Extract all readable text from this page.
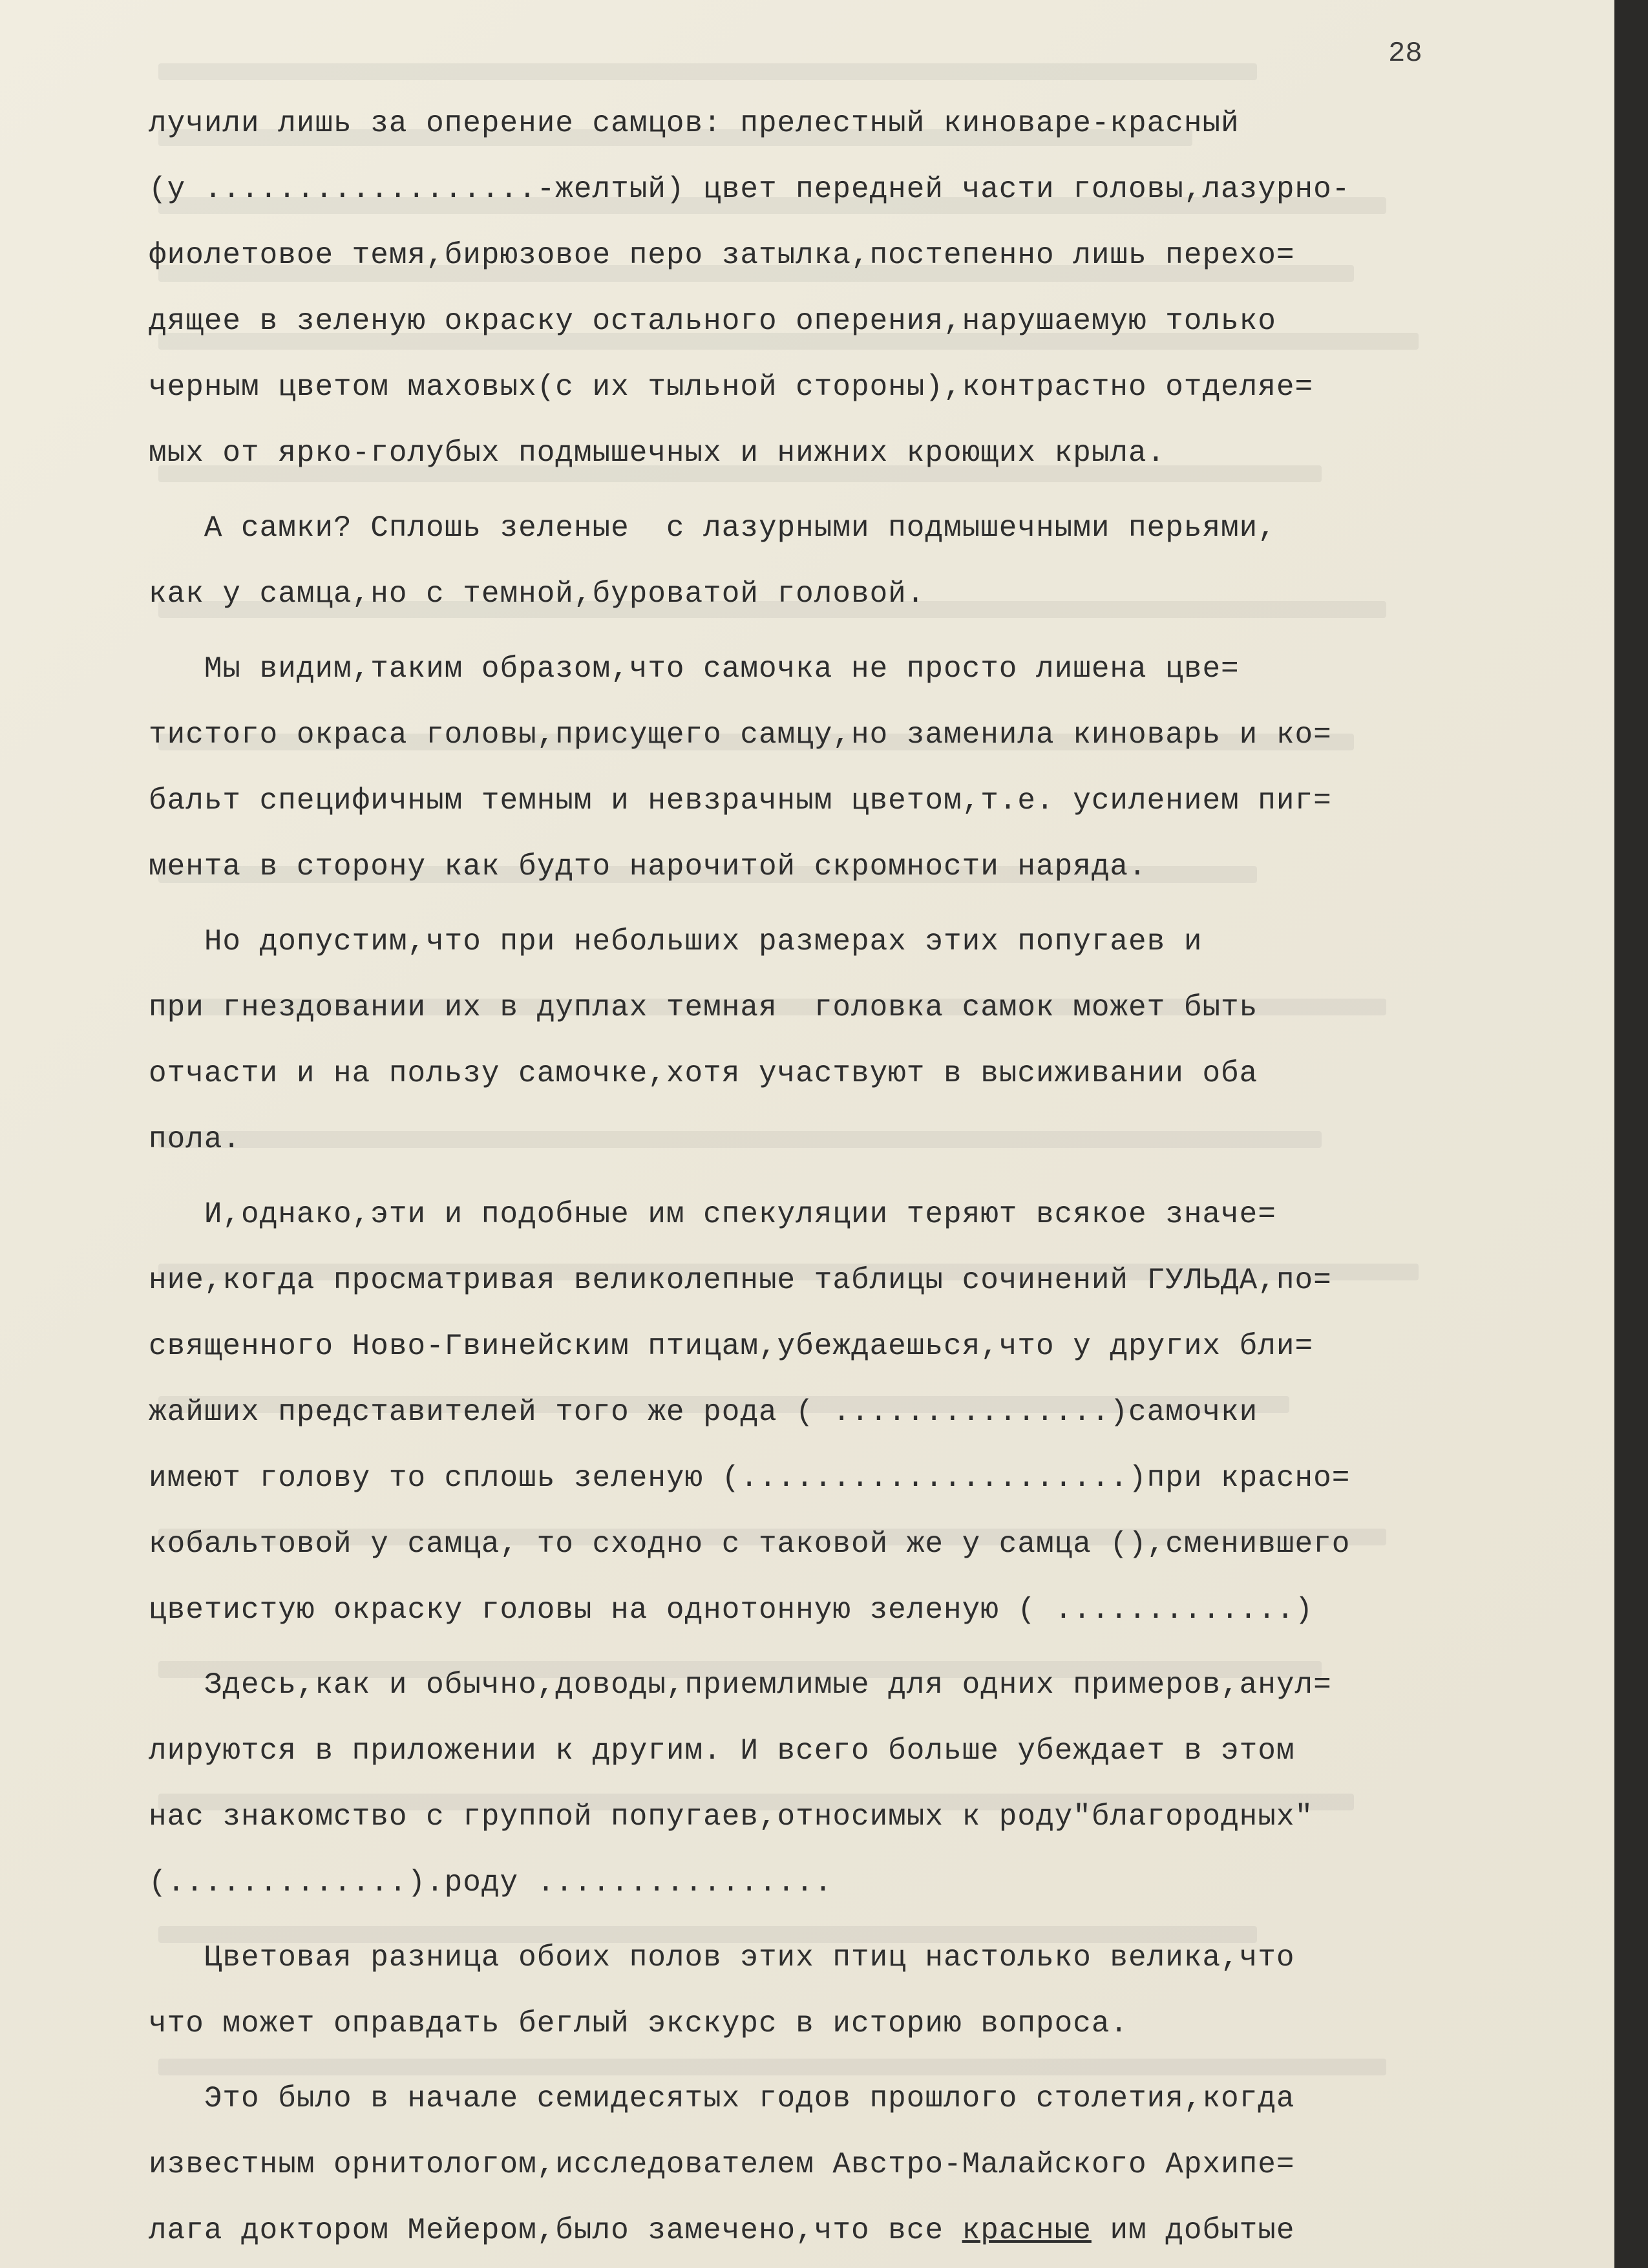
28
лучили лишь за оперение самцов: прелестный киноваре-красный
(у ..................-желтый) цвет передней части головы,лазурно-
фиолетовое темя,бирюзовое перо затылка,постепенно лишь перехо=
дящее в зеленую окраску остального оперения,нарушаемую только
черным цветом маховых(с их тыльной стороны),контрастно отделяе=
мых от ярко-голубых подмышечных и нижних кроющих крыла.
А самки? Сплошь зеленые  с лазурными подмышечными перьями,
как у самца,но с темной,буроватой головой.
Мы видим,таким образом,что самочка не просто лишена цве=
тистого окраса головы,присущего самцу,но заменила киноварь и ко=
бальт специфичным темным и невзрачным цветом,т.е. усилением пиг=
мента в сторону как будто нарочитой скромности наряда.
Но допустим,что при небольших размерах этих попугаев и
при гнездовании их в дуплах темная  головка самок может быть
отчасти и на пользу самочке,хотя участвуют в высиживании оба
пола.
И,однако,эти и подобные им спекуляции теряют всякое значе=
ние,когда просматривая великолепные таблицы сочинений ГУЛЬДА,по=
священного Ново-Гвинейским птицам,убеждаешься,что у других бли=
жайших представителей того же рода ( ...............)самочки
имеют голову то сплошь зеленую (.....................)при красно=
кобальтовой у самца, то сходно с таковой же у самца (),сменившего
цветистую окраску головы на однотонную зеленую ( .............)
Здесь,как и обычно,доводы,приемлимые для одних примеров,анул=
лируются в приложении к другим. И всего больше убеждает в этом
нас знакомство с группой попугаев,относимых к роду"благородных"
(.............).роду ................
Цветовая разница обоих полов этих птиц настолько велика,что
что может оправдать беглый экскурс в историю вопроса.
Это было в начале семидесятых годов прошлого столетия,когда
известным орнитологом,исследователем Австро-Малайского Архипе=
лага доктором Мейером,было замечено,что все красные им добытые
